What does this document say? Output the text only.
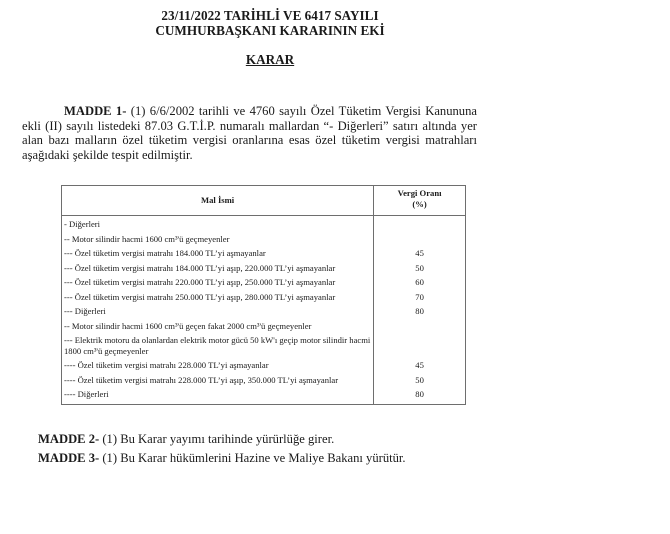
23/11/2022 TARİHLİ VE 6417 SAYILI
CUMHURBAŞKANI KARARININ EKİ
KARAR
MADDE 1- (1) 6/6/2002 tarihli ve 4760 sayılı Özel Tüketim Vergisi Kanununa ekli (II) sayılı listedeki 87.03 G.T.İ.P. numaralı mallardan “- Diğerleri” satırı altında yer alan bazı malların özel tüketim vergisi oranlarına esas özel tüketim vergisi matrahları aşağıdaki şekilde tespit edilmiştir.
Mal İsmi	Vergi Oranı
(%)

- Diğerleri	
-- Motor silindir hacmi 1600 cm³'ü geçmeyenler	
--- Özel tüketim vergisi matrahı 184.000 TL’yi aşmayanlar	45
--- Özel tüketim vergisi matrahı 184.000 TL’yi aşıp, 220.000 TL’yi aşmayanlar	50
--- Özel tüketim vergisi matrahı 220.000 TL’yi aşıp, 250.000 TL’yi aşmayanlar	60
--- Özel tüketim vergisi matrahı 250.000 TL’yi aşıp, 280.000 TL’yi aşmayanlar	70
--- Diğerleri	80
-- Motor silindir hacmi 1600 cm³'ü geçen fakat 2000 cm³'ü geçmeyenler	
--- Elektrik motoru da olanlardan elektrik motor gücü 50 kW'ı geçip motor silindir hacmi 1800 cm³'ü geçmeyenler	
---- Özel tüketim vergisi matrahı 228.000 TL’yi aşmayanlar	45
---- Özel tüketim vergisi matrahı 228.000 TL’yi aşıp, 350.000 TL’yi aşmayanlar	50
---- Diğerleri	80
MADDE 2- (1) Bu Karar yayımı tarihinde yürürlüğe girer.
MADDE 3- (1) Bu Karar hükümlerini Hazine ve Maliye Bakanı yürütür.
